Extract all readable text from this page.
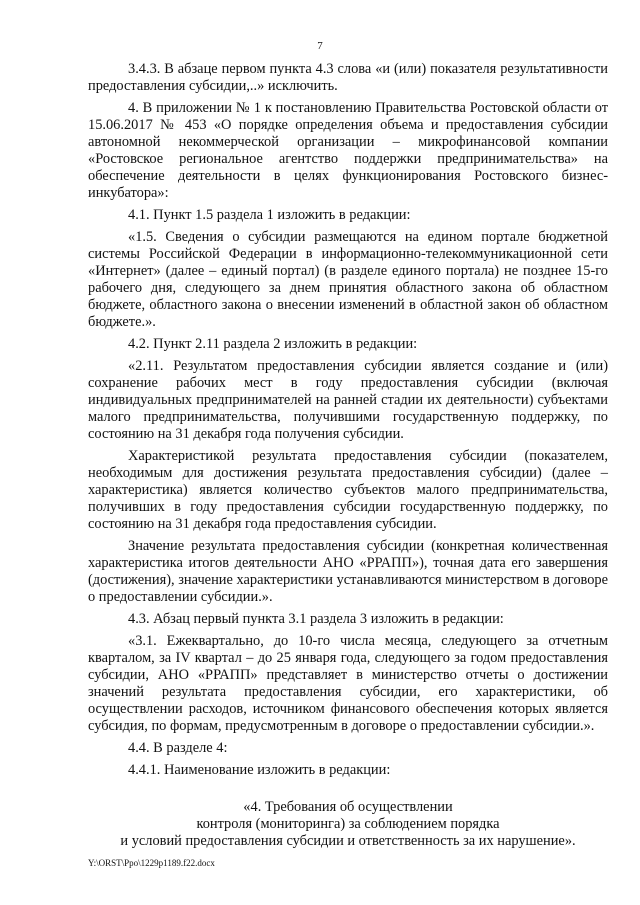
7

3.4.3. В абзаце первом пункта 4.3 слова «и (или) показателя результативности предоставления субсидии,..» исключить.

4. В приложении № 1 к постановлению Правительства Ростовской области от 15.06.2017 № 453 «О порядке определения объема и предоставления субсидии автономной некоммерческой организации – микрофинансовой компании «Ростовское региональное агентство поддержки предпринимательства» на обеспечение деятельности в целях функционирования Ростовского бизнес-инкубатора»:

4.1. Пункт 1.5 раздела 1 изложить в редакции:

«1.5. Сведения о субсидии размещаются на едином портале бюджетной системы Российской Федерации в информационно-телекоммуникационной сети «Интернет» (далее – единый портал) (в разделе единого портала) не позднее 15-го рабочего дня, следующего за днем принятия областного закона об областном бюджете, областного закона о внесении изменений в областной закон об областном бюджете.».

4.2. Пункт 2.11 раздела 2 изложить в редакции:

«2.11. Результатом предоставления субсидии является создание и (или) сохранение рабочих мест в году предоставления субсидии (включая индивидуальных предпринимателей на ранней стадии их деятельности) субъектами малого предпринимательства, получившими государственную поддержку, по состоянию на 31 декабря года получения субсидии.

Характеристикой результата предоставления субсидии (показателем, необходимым для достижения результата предоставления субсидии) (далее – характеристика) является количество субъектов малого предпринимательства, получивших в году предоставления субсидии государственную поддержку, по состоянию на 31 декабря года предоставления субсидии.

Значение результата предоставления субсидии (конкретная количественная характеристика итогов деятельности АНО «РРАПП»), точная дата его завершения (достижения), значение характеристики устанавливаются министерством в договоре о предоставлении субсидии.».

4.3. Абзац первый пункта 3.1 раздела 3 изложить в редакции:

«3.1. Ежеквартально, до 10-го числа месяца, следующего за отчетным кварталом, за IV квартал – до 25 января года, следующего за годом предоставления субсидии, АНО «РРАПП» представляет в министерство отчеты о достижении значений результата предоставления субсидии, его характеристики, об осуществлении расходов, источником финансового обеспечения которых является субсидия, по формам, предусмотренным в договоре о предоставлении субсидии.».

4.4. В разделе 4:

4.4.1. Наименование изложить в редакции:

«4. Требования об осуществлении
контроля (мониторинга) за соблюдением порядка
и условий предоставления субсидии и ответственность за их нарушение».
Y:\ORST\Ppo\1229p1189.f22.docx
